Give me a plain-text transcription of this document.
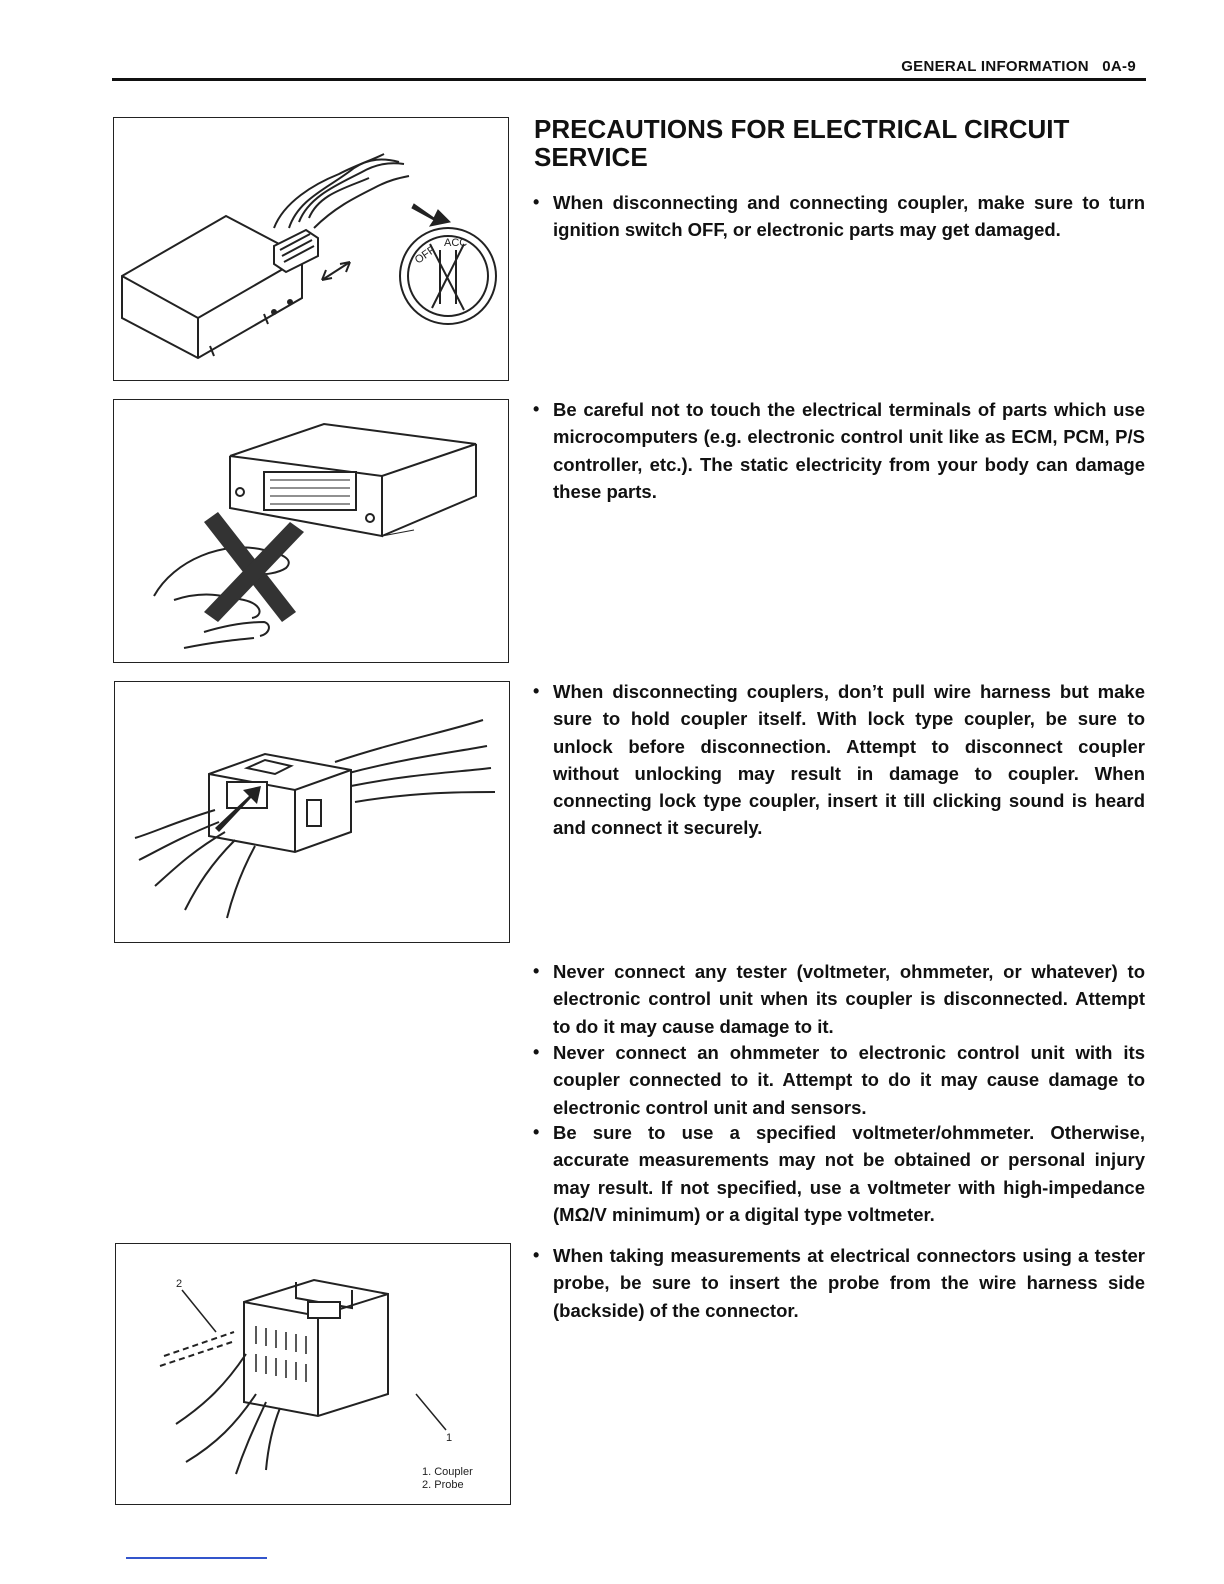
GENERAL INFORMATION 0A-9
PRECAUTIONS FOR ELECTRICAL CIRCUIT SERVICE
OFF
ACC
2
1
1. Coupler
2. Probe
• When disconnecting and connecting coupler, make sure to turn ignition switch OFF, or electronic parts may get damaged.
• Be careful not to touch the electrical terminals of parts which use microcomputers (e.g. electronic control unit like as ECM, PCM, P/S controller, etc.). The static electricity from your body can damage these parts.
• When disconnecting couplers, don’t pull wire harness but make sure to hold coupler itself. With lock type coupler, be sure to unlock before disconnection. Attempt to disconnect coupler without unlocking may result in damage to coupler. When connecting lock type coupler, insert it till clicking sound is heard and connect it securely.
• Never connect any tester (voltmeter, ohmmeter, or whatever) to electronic control unit when its coupler is disconnected. Attempt to do it may cause damage to it.
• Never connect an ohmmeter to electronic control unit with its coupler connected to it. Attempt to do it may cause damage to electronic control unit and sensors.
• Be sure to use a specified voltmeter/ohmmeter. Otherwise, accurate measurements may not be obtained or personal injury may result. If not specified, use a voltmeter with high-impedance (MΩ/V minimum) or a digital type voltmeter.
• When taking measurements at electrical connectors using a tester probe, be sure to insert the probe from the wire harness side (backside) of the connector.
